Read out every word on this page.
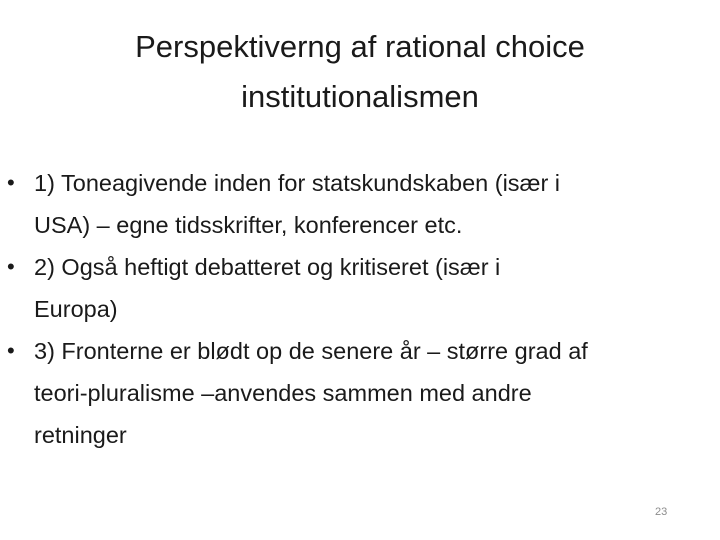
Perspektiverng af rational choice
institutionalismen
• 1) Toneagivende inden for statskundskaben (især i
USA) – egne tidsskrifter, konferencer etc.
• 2) Også heftigt debatteret og kritiseret (især i
Europa)
• 3) Fronterne er blødt op de senere år – større grad af
teori-pluralisme –anvendes sammen med andre
retninger
23
